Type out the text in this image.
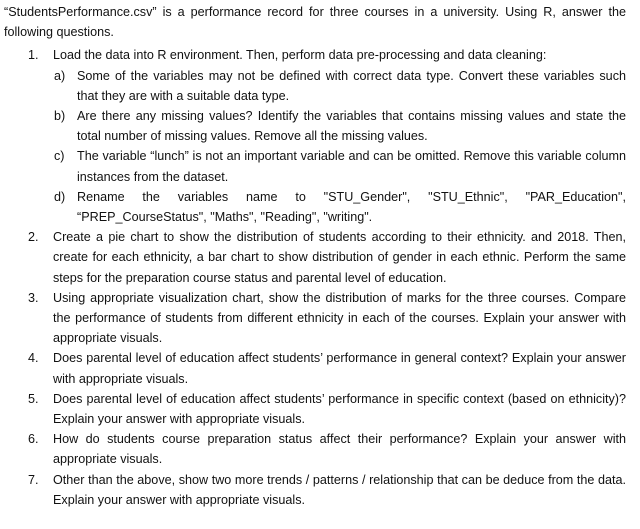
“StudentsPerformance.csv” is a performance record for three courses in a university. Using R, answer the following questions.

1. Load the data into R environment. Then, perform data pre-processing and data cleaning:
a) Some of the variables may not be defined with correct data type. Convert these variables such that they are with a suitable data type.
b) Are there any missing values? Identify the variables that contains missing values and state the total number of missing values. Remove all the missing values.
c) The variable “lunch” is not an important variable and can be omitted. Remove this variable column instances from the dataset.
d) Rename the variables name to "STU_Gender", "STU_Ethnic", "PAR_Education", “PREP_CourseStatus", "Maths", "Reading", "writing".
2. Create a pie chart to show the distribution of students according to their ethnicity. and 2018. Then, create for each ethnicity, a bar chart to show distribution of gender in each ethnic. Perform the same steps for the preparation course status and parental level of education.
3. Using appropriate visualization chart, show the distribution of marks for the three courses. Compare the performance of students from different ethnicity in each of the courses. Explain your answer with appropriate visuals.
4. Does parental level of education affect students’ performance in general context? Explain your answer with appropriate visuals.
5. Does parental level of education affect students’ performance in specific context (based on ethnicity)? Explain your answer with appropriate visuals.
6. How do students course preparation status affect their performance? Explain your answer with appropriate visuals.
7. Other than the above, show two more trends / patterns / relationship that can be deduce from the data. Explain your answer with appropriate visuals.
